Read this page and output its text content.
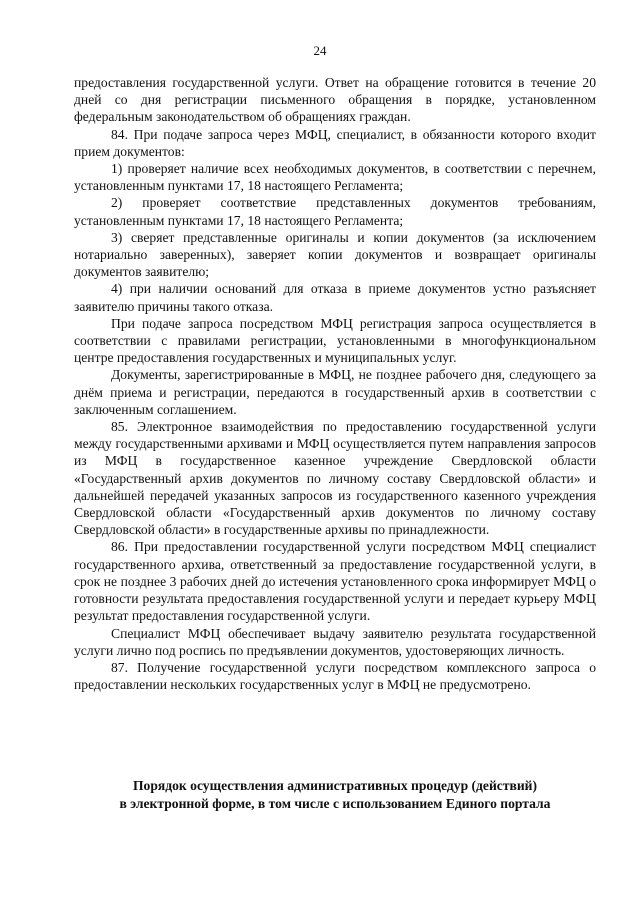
24

предоставления государственной услуги. Ответ на обращение готовится в течение 20 дней со дня регистрации письменного обращения в порядке, установленном федеральным законодательством об обращениях граждан.

84. При подаче запроса через МФЦ, специалист, в обязанности которого входит прием документов:

1) проверяет наличие всех необходимых документов, в соответствии с перечнем, установленным пунктами 17, 18 настоящего Регламента;

2) проверяет соответствие представленных документов требованиям, установленным пунктами 17, 18 настоящего Регламента;

3) сверяет представленные оригиналы и копии документов (за исключением нотариально заверенных), заверяет копии документов и возвращает оригиналы документов заявителю;

4) при наличии оснований для отказа в приеме документов устно разъясняет заявителю причины такого отказа.

При подаче запроса посредством МФЦ регистрация запроса осуществляется в соответствии с правилами регистрации, установленными в многофункциональном центре предоставления государственных и муниципальных услуг.

Документы, зарегистрированные в МФЦ, не позднее рабочего дня, следующего за днём приема и регистрации, передаются в государственный архив в соответствии с заключенным соглашением.

85. Электронное взаимодействия по предоставлению государственной услуги между государственными архивами и МФЦ осуществляется путем направления запросов из МФЦ в государственное казенное учреждение Свердловской области «Государственный архив документов по личному составу Свердловской области» и дальнейшей передачей указанных запросов из государственного казенного учреждения Свердловской области «Государственный архив документов по личному составу Свердловской области» в государственные архивы по принадлежности.

86. При предоставлении государственной услуги посредством МФЦ специалист государственного архива, ответственный за предоставление государственной услуги, в срок не позднее 3 рабочих дней до истечения установленного срока информирует МФЦ о готовности результата предоставления государственной услуги и передает курьеру МФЦ результат предоставления государственной услуги.

Специалист МФЦ обеспечивает выдачу заявителю результата государственной услуги лично под роспись по предъявлении документов, удостоверяющих личность.

87. Получение государственной услуги посредством комплексного запроса о предоставлении нескольких государственных услуг в МФЦ не предусмотрено.

Порядок осуществления административных процедур (действий)
в электронной форме, в том числе с использованием Единого портала
